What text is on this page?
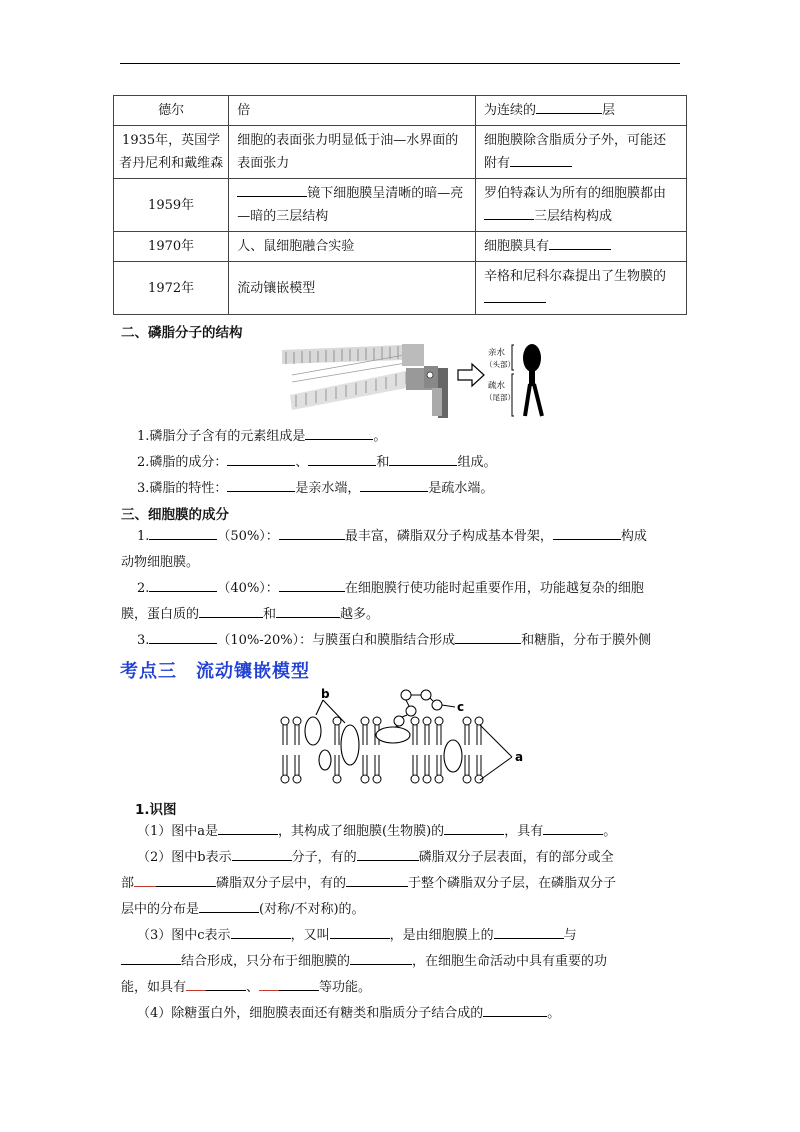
德尔	倍	为连续的 层
1935年，英国学者丹尼利和戴维森	细胞的表面张力明显低于油—水界面的表面张力	细胞膜除含脂质分子外，可能还附有
1959年	镜下细胞膜呈清晰的暗—亮—暗的三层结构	罗伯特森认为所有的细胞膜都由三层结构构成
1970年	人、鼠细胞融合实验	细胞膜具有
1972年	流动镶嵌模型	辛格和尼科尔森提出了生物膜的
二、磷脂分子的结构
亲水
（头部）
疏水
（尾部）
1.磷脂分子含有的元素组成是	。
2.磷脂的成分：	、	和	组成。
3.磷脂的特性：	是亲水端，	是疏水端。
三、细胞膜的成分
1.	（50%）：	最丰富，磷脂双分子构成基本骨架，	构成
动物细胞膜。
2.	（40%）：	在细胞膜行使功能时起重要作用，功能越复杂的细胞
膜，蛋白质的	和	越多。
3.	（10%-20%）：与膜蛋白和膜脂结合形成	和糖脂，分布于膜外侧
考点三　流动镶嵌模型
b
c
a
1.识图
（1）图中a是	，其构成了细胞膜(生物膜)的	，具有	。
（2）图中b表示	分子，有的	磷脂双分子层表面，有的部分或全
部	磷脂双分子层中，有的	于整个磷脂双分子层，在磷脂双分子
层中的分布是	(对称/不对称)的。
（3）图中c表示	，又叫	，是由细胞膜上的	与
结合形成，只分布于细胞膜的	，在细胞生命活动中具有重要的功
能，如具有	、	等功能。
（4）除糖蛋白外，细胞膜表面还有糖类和脂质分子结合成的	。
